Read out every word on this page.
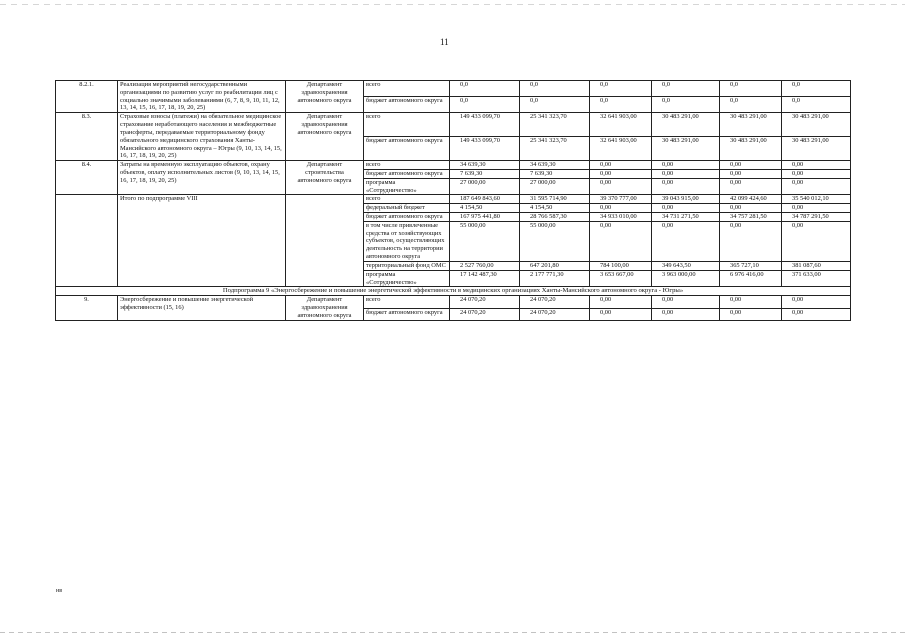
11
8.2.1.	Реализация мероприятий негосударственными организациями по развитию услуг по реабилитации лиц с социально значимыми заболеваниями (6, 7, 8, 9, 10, 11, 12, 13, 14, 15, 16, 17, 18, 19, 20, 25)	Департамент здравоохранения автономного округа	всего	0,0	0,0	0,0	0,0	0,0	0,0
			бюджет автономного округа	0,0	0,0	0,0	0,0	0,0	0,0
8.3.	Страховые взносы (платежи) на обязательное медицинское страхование неработающего населения и межбюджетные трансферты, передаваемые территориальному фонду обязательного медицинского страхования Ханты-Мансийского автономного округа – Югры (9, 10, 13, 14, 15, 16, 17, 18, 19, 20, 25)	Департамент здравоохранения автономного округа	всего	149 433 099,70	25 341 323,70	32 641 903,00	30 483 291,00	30 483 291,00	30 483 291,00
			бюджет автономного округа	149 433 099,70	25 341 323,70	32 641 903,00	30 483 291,00	30 483 291,00	30 483 291,00
8.4.	Затраты на временную эксплуатацию объектов, охрану объектов, оплату исполнительных листов (9, 10, 13, 14, 15, 16, 17, 18, 19, 20, 25)	Департамент строительства автономного округа	всего	34 639,30	34 639,30	0,00	0,00	0,00	0,00
			бюджет автономного округа	7 639,30	7 639,30	0,00	0,00	0,00	0,00
			программа «Сотрудничество»	27 000,00	27 000,00	0,00	0,00	0,00	0,00
	Итого по подпрограмме VIII		всего	187 649 843,60	31 595 714,90	39 370 777,00	39 043 915,00	42 099 424,60	35 540 012,10
			федеральный бюджет	4 154,50	4 154,50	0,00	0,00	0,00	0,00
			бюджет автономного округа	167 975 441,80	28 766 587,30	34 933 010,00	34 731 271,50	34 757 281,50	34 787 291,50
			в том числе привлеченные средства от хозяйствующих субъектов, осуществляющих деятельность на территории автономного округа	55 000,00	55 000,00	0,00	0,00	0,00	0,00
			территориальный фонд ОМС	2 527 760,00	647 201,80	784 100,00	349 643,50	365 727,10	381 087,60
			программа «Сотрудничество»	17 142 487,30	2 177 771,30	3 653 667,00	3 963 000,00	6 976 416,00	371 633,00
Подпрограмма 9 «Энергосбережение и повышение энергетической эффективности в медицинских организациях Ханты-Мансийского автономного округа - Югры»									
9.	Энергосбережение и повышение энергетической эффективности (15, 16)	Департамент здравоохранения автономного округа	всего	24 070,20	24 070,20	0,00	0,00	0,00	0,00
			бюджет автономного округа	24 070,20	24 070,20	0,00	0,00	0,00	0,00
нв
